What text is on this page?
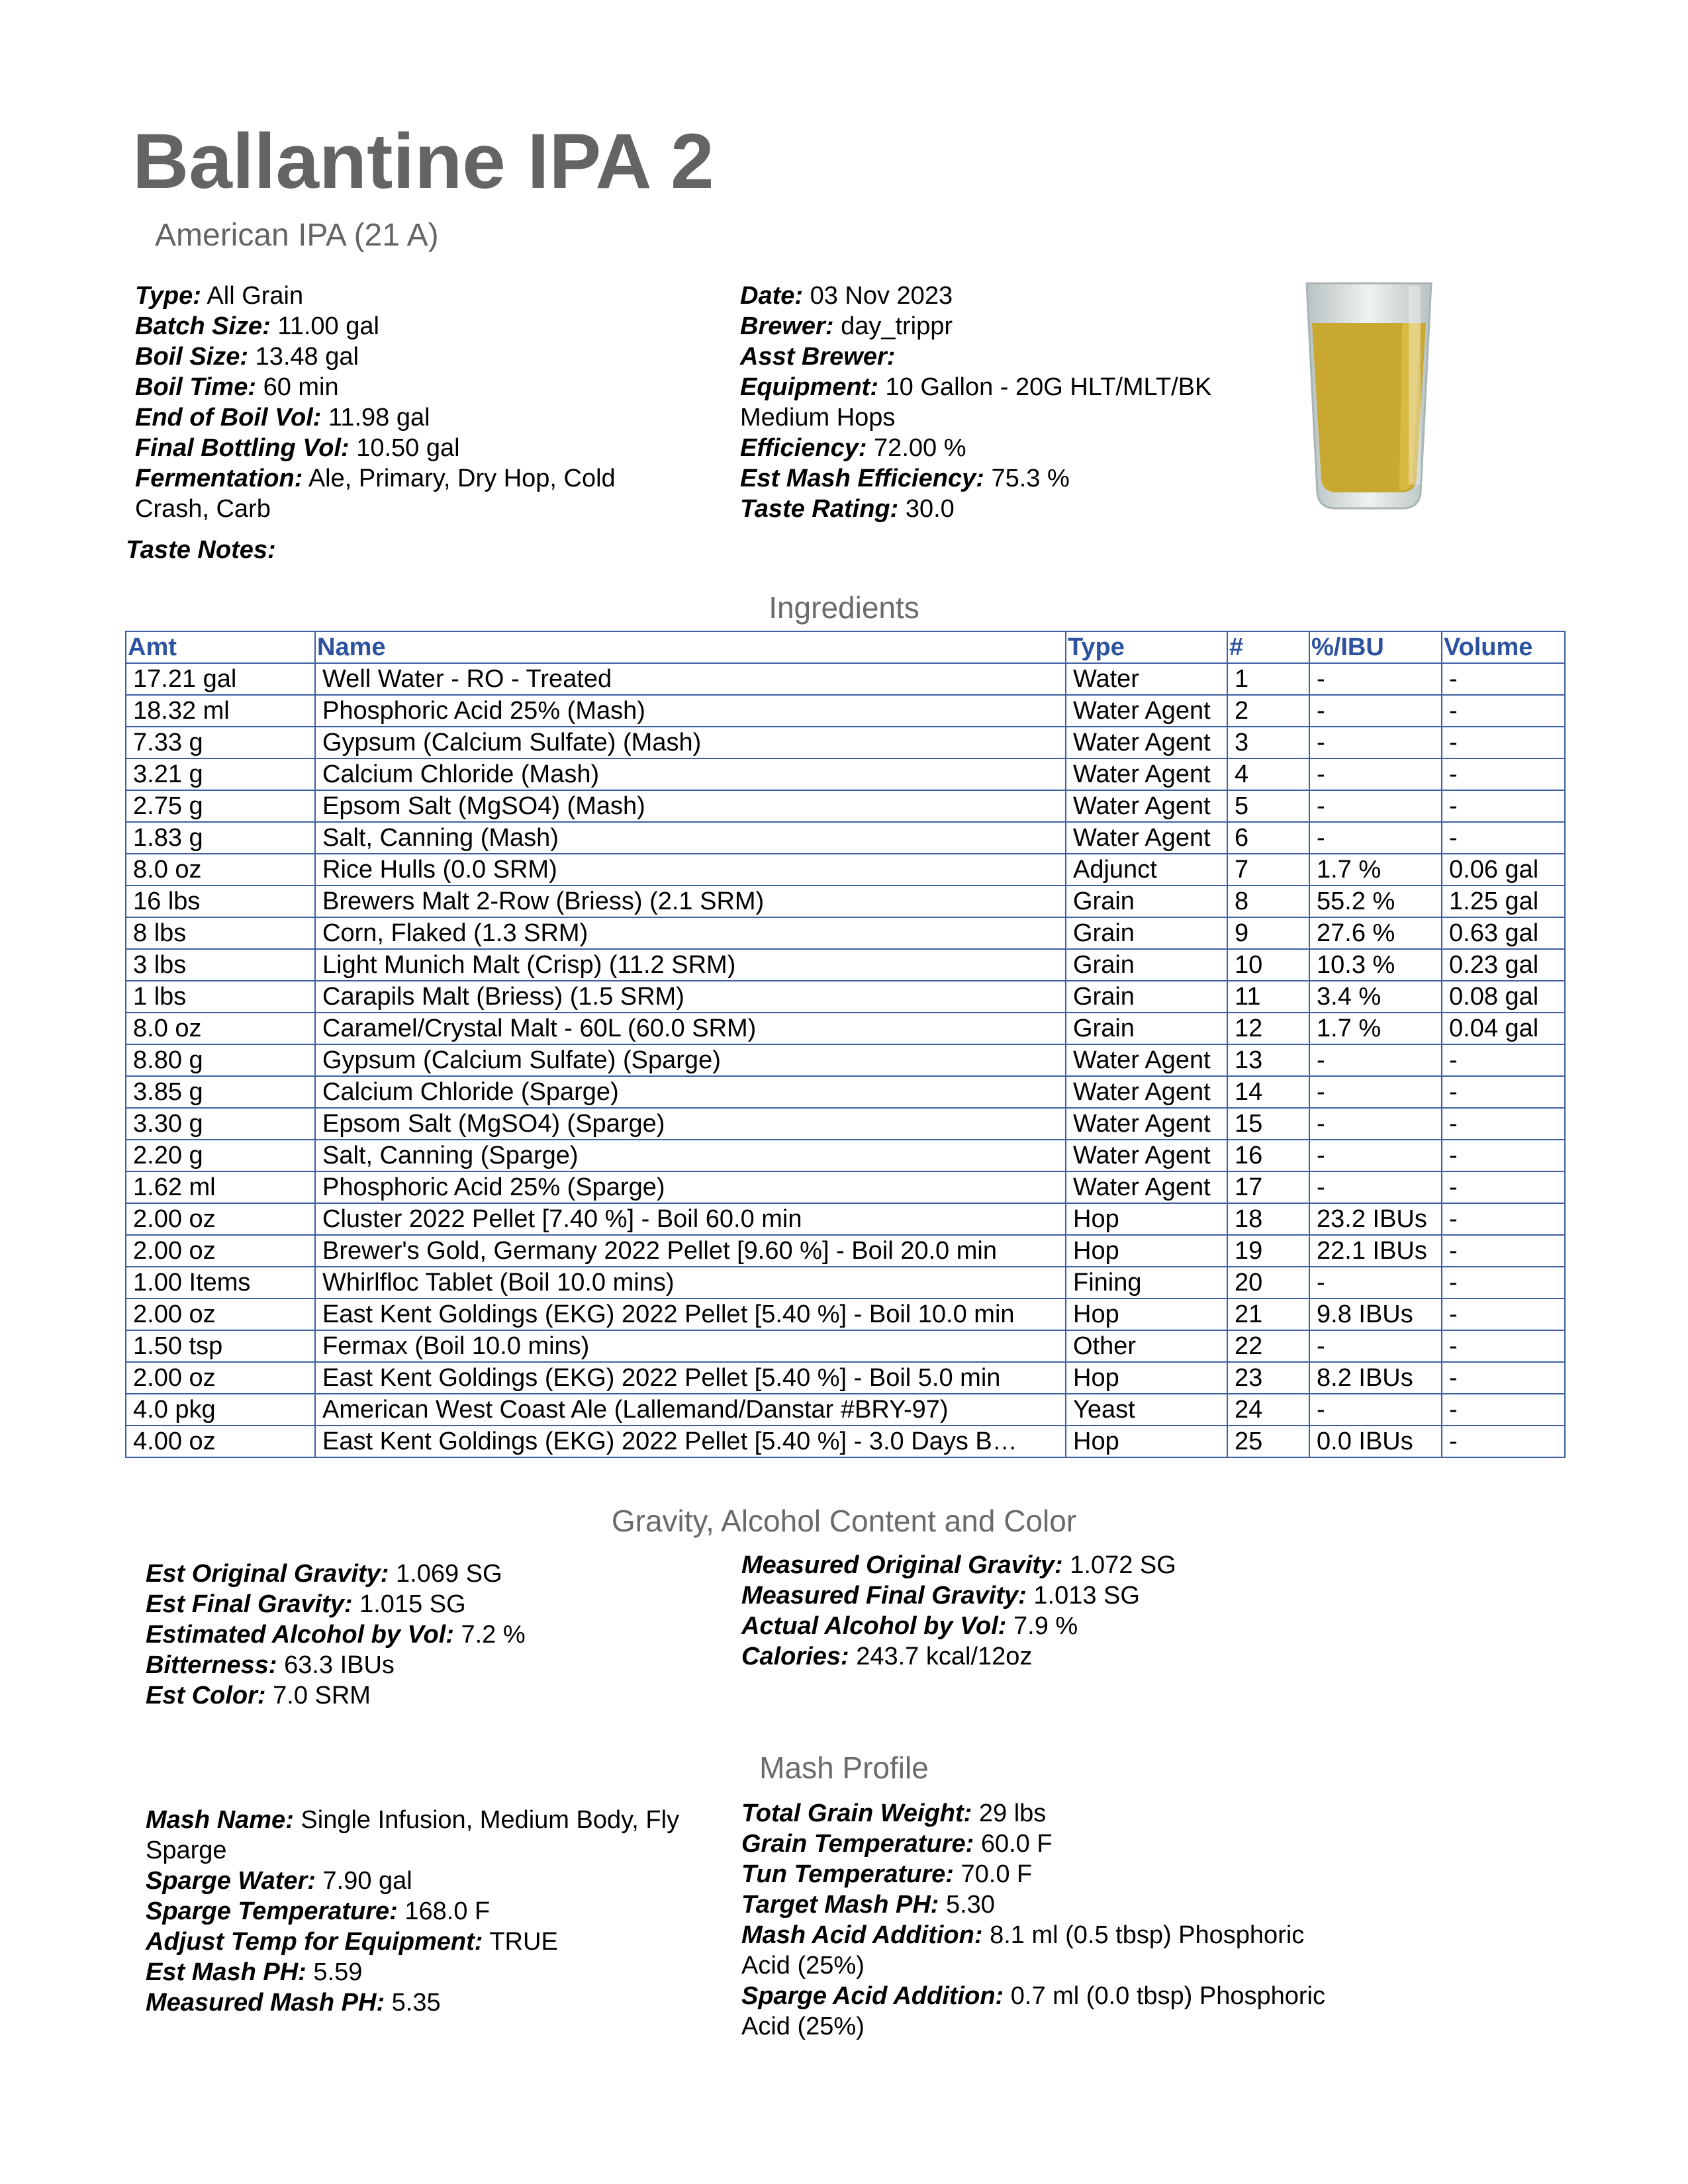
Ballantine IPA 2
American IPA (21 A)
Type: All Grain
Batch Size: 11.00 gal
Boil Size: 13.48 gal
Boil Time: 60 min
End of Boil Vol: 11.98 gal
Final Bottling Vol: 10.50 gal
Fermentation: Ale, Primary, Dry Hop, Cold Crash, Carb
Date: 03 Nov 2023
Brewer: day_trippr
Asst Brewer:
Equipment: 10 Gallon - 20G HLT/MLT/BK Medium Hops
Efficiency: 72.00 %
Est Mash Efficiency: 75.3 %
Taste Rating: 30.0
Taste Notes:
Ingredients
Amt	Name	Type	#	%/IBU	Volume
17.21 gal	Well Water - RO - Treated	Water	1	-	-
18.32 ml	Phosphoric Acid 25% (Mash)	Water Agent	2	-	-
7.33 g	Gypsum (Calcium Sulfate) (Mash)	Water Agent	3	-	-
3.21 g	Calcium Chloride (Mash)	Water Agent	4	-	-
2.75 g	Epsom Salt (MgSO4) (Mash)	Water Agent	5	-	-
1.83 g	Salt, Canning (Mash)	Water Agent	6	-	-
8.0 oz	Rice Hulls (0.0 SRM)	Adjunct	7	1.7 %	0.06 gal
16 lbs	Brewers Malt 2-Row (Briess) (2.1 SRM)	Grain	8	55.2 %	1.25 gal
8 lbs	Corn, Flaked (1.3 SRM)	Grain	9	27.6 %	0.63 gal
3 lbs	Light Munich Malt (Crisp) (11.2 SRM)	Grain	10	10.3 %	0.23 gal
1 lbs	Carapils Malt (Briess) (1.5 SRM)	Grain	11	3.4 %	0.08 gal
8.0 oz	Caramel/Crystal Malt - 60L (60.0 SRM)	Grain	12	1.7 %	0.04 gal
8.80 g	Gypsum (Calcium Sulfate) (Sparge)	Water Agent	13	-	-
3.85 g	Calcium Chloride (Sparge)	Water Agent	14	-	-
3.30 g	Epsom Salt (MgSO4) (Sparge)	Water Agent	15	-	-
2.20 g	Salt, Canning (Sparge)	Water Agent	16	-	-
1.62 ml	Phosphoric Acid 25% (Sparge)	Water Agent	17	-	-
2.00 oz	Cluster 2022 Pellet [7.40 %] - Boil 60.0 min	Hop	18	23.2 IBUs	-
2.00 oz	Brewer's Gold, Germany 2022 Pellet [9.60 %] - Boil 20.0 min	Hop	19	22.1 IBUs	-
1.00 Items	Whirlfloc Tablet (Boil 10.0 mins)	Fining	20	-	-
2.00 oz	East Kent Goldings (EKG) 2022 Pellet [5.40 %] - Boil 10.0 min	Hop	21	9.8 IBUs	-
1.50 tsp	Fermax (Boil 10.0 mins)	Other	22	-	-
2.00 oz	East Kent Goldings (EKG) 2022 Pellet [5.40 %] - Boil 5.0 min	Hop	23	8.2 IBUs	-
4.0 pkg	American West Coast Ale (Lallemand/Danstar #BRY-97)	Yeast	24	-	-
4.00 oz	East Kent Goldings (EKG) 2022 Pellet [5.40 %] - 3.0 Days B…	Hop	25	0.0 IBUs	-
Gravity, Alcohol Content and Color
Est Original Gravity: 1.069 SG
Est Final Gravity: 1.015 SG
Estimated Alcohol by Vol: 7.2 %
Bitterness: 63.3 IBUs
Est Color: 7.0 SRM
Measured Original Gravity: 1.072 SG
Measured Final Gravity: 1.013 SG
Actual Alcohol by Vol: 7.9 %
Calories: 243.7 kcal/12oz
Mash Profile
Mash Name: Single Infusion, Medium Body, Fly Sparge
Sparge Water: 7.90 gal
Sparge Temperature: 168.0 F
Adjust Temp for Equipment: TRUE
Est Mash PH: 5.59
Measured Mash PH: 5.35
Total Grain Weight: 29 lbs
Grain Temperature: 60.0 F
Tun Temperature: 70.0 F
Target Mash PH: 5.30
Mash Acid Addition: 8.1 ml (0.5 tbsp) Phosphoric Acid (25%)
Sparge Acid Addition: 0.7 ml (0.0 tbsp) Phosphoric Acid (25%)
